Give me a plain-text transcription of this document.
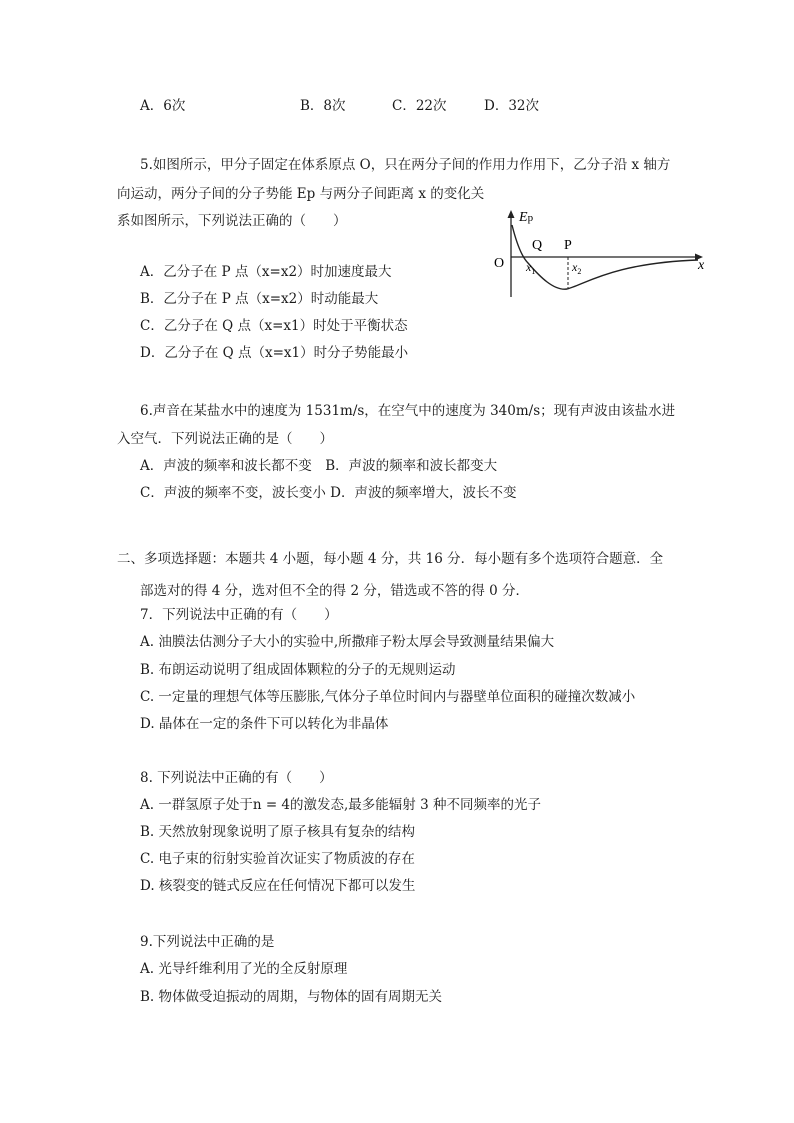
A．6次	B．8次	C．22次	D．32次
5.如图所示，甲分子固定在体系原点 O，只在两分子间的作用力作用下，乙分子沿 x 轴方
向运动，两分子间的分子势能 Ep 与两分子间距离 x 的变化关
系如图所示，下列说法正确的（　　）	Ep
O
Q P
x
$x_1$	$x_2$
A．乙分子在 P 点（x=x2）时加速度最大
B．乙分子在 P 点（x=x2）时动能最大
C．乙分子在 Q 点（x=x1）时处于平衡状态
D．乙分子在 Q 点（x=x1）时分子势能最小
6.声音在某盐水中的速度为 1531m/s，在空气中的速度为 340m/s；现有声波由该盐水进
入空气．下列说法正确的是（　　）
A．声波的频率和波长都不变　B．声波的频率和波长都变大
C．声波的频率不变，波长变小 D．声波的频率增大，波长不变
二、多项选择题：本题共 4 小题，每小题 4 分，共 16 分．每小题有多个选项符合题意．全
部选对的得 4 分，选对但不全的得 2 分，错选或不答的得 0 分．
7．下列说法中正确的有（　　）
A. 油膜法估测分子大小的实验中,所撒痱子粉太厚会导致测量结果偏大
B. 布朗运动说明了组成固体颗粒的分子的无规则运动
C. 一定量的理想气体等压膨胀,气体分子单位时间内与器壁单位面积的碰撞次数减小
D. 晶体在一定的条件下可以转化为非晶体
8. 下列说法中正确的有（　　）
A. 一群氢原子处于n = 4的激发态,最多能辐射 3 种不同频率的光子
B. 天然放射现象说明了原子核具有复杂的结构
C. 电子束的衍射实验首次证实了物质波的存在
D. 核裂变的链式反应在任何情况下都可以发生
9.下列说法中正确的是
A. 光导纤维利用了光的全反射原理
B. 物体做受迫振动的周期，与物体的固有周期无关
